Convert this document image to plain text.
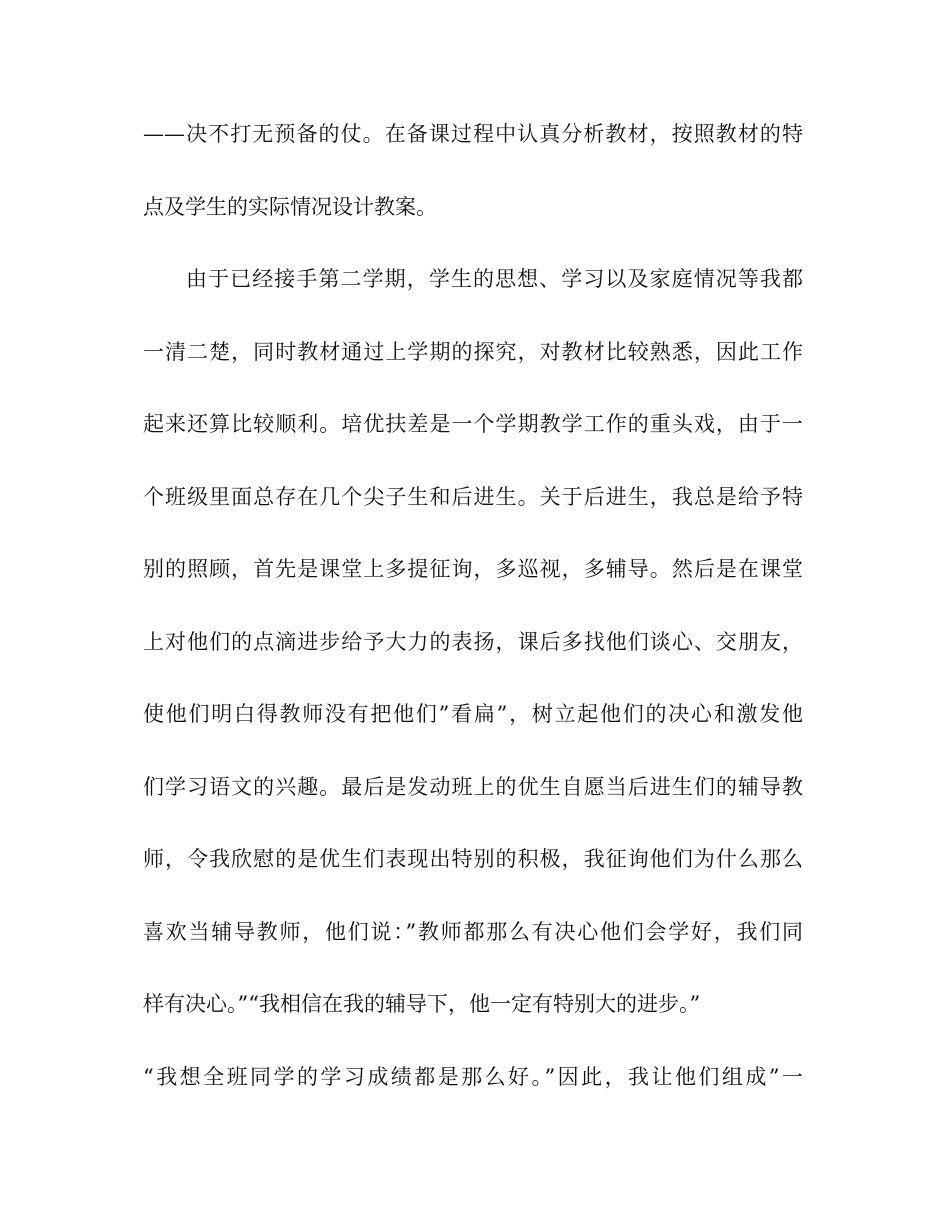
——决不打无预备的仗。在备课过程中认真分析教材，按照教材的特
点及学生的实际情况设计教案。
由于已经接手第二学期，学生的思想、学习以及家庭情况等我都
一清二楚，同时教材通过上学期的探究，对教材比较熟悉，因此工作
起来还算比较顺利。培优扶差是一个学期教学工作的重头戏，由于一
个班级里面总存在几个尖子生和后进生。关于后进生，我总是给予特
别的照顾，首先是课堂上多提征询，多巡视，多辅导。然后是在课堂
上对他们的点滴进步给予大力的表扬，课后多找他们谈心、交朋友，
使他们明白得教师没有把他们”看扁”，树立起他们的决心和激发他
们学习语文的兴趣。最后是发动班上的优生自愿当后进生们的辅导教
师，令我欣慰的是优生们表现出特别的积极，我征询他们为什么那么
喜欢当辅导教师，他们说：”教师都那么有决心他们会学好，我们同
样有决心。”“我相信在我的辅导下，他一定有特别大的进步。”
“我想全班同学的学习成绩都是那么好。”因此，我让他们组成”一
